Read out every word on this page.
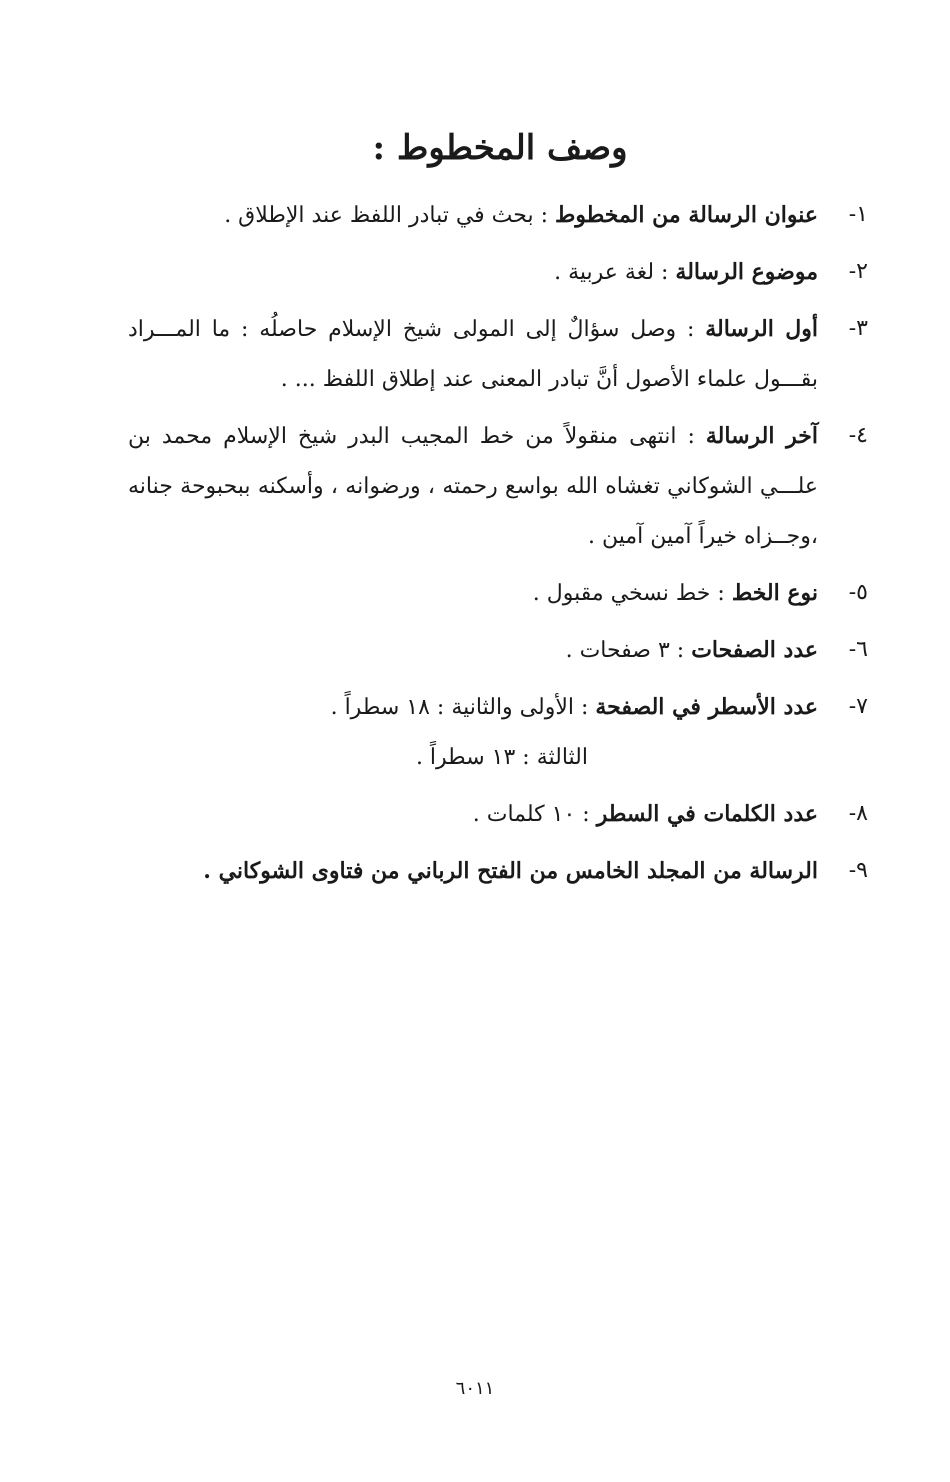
وصف المخطوط :
١-
عنوان الرسالة من المخطوط : بحث في تبادر اللفظ عند الإطلاق .
٢-
موضوع الرسالة : لغة عربية .
٣-
أول الرسالة : وصل سؤالٌ إلى المولى شيخ الإسلام حاصلُه : ما المـــراد بقـــول علماء الأصول أنَّ تبادر المعنى عند إطلاق اللفظ ... .
٤-
آخر الرسالة : انتهى منقولاً من خط المجيب البدر شيخ الإسلام محمد بن علـــي الشوكاني تغشاه الله بواسع رحمته ، ورضوانه ، وأسكنه ببحبوحة جنانه ،وجــزاه خيراً آمين آمين .
٥-
نوع الخط : خط نسخي مقبول .
٦-
عدد الصفحات : ٣ صفحات .
٧-
عدد الأسطر في الصفحة : الأولى والثانية : ١٨ سطراً .
الثالثة : ١٣ سطراً .
٨-
عدد الكلمات في السطر : ١٠ كلمات .
٩-
الرسالة من المجلد الخامس من الفتح الرباني من فتاوى الشوكاني .
٦٠١١
